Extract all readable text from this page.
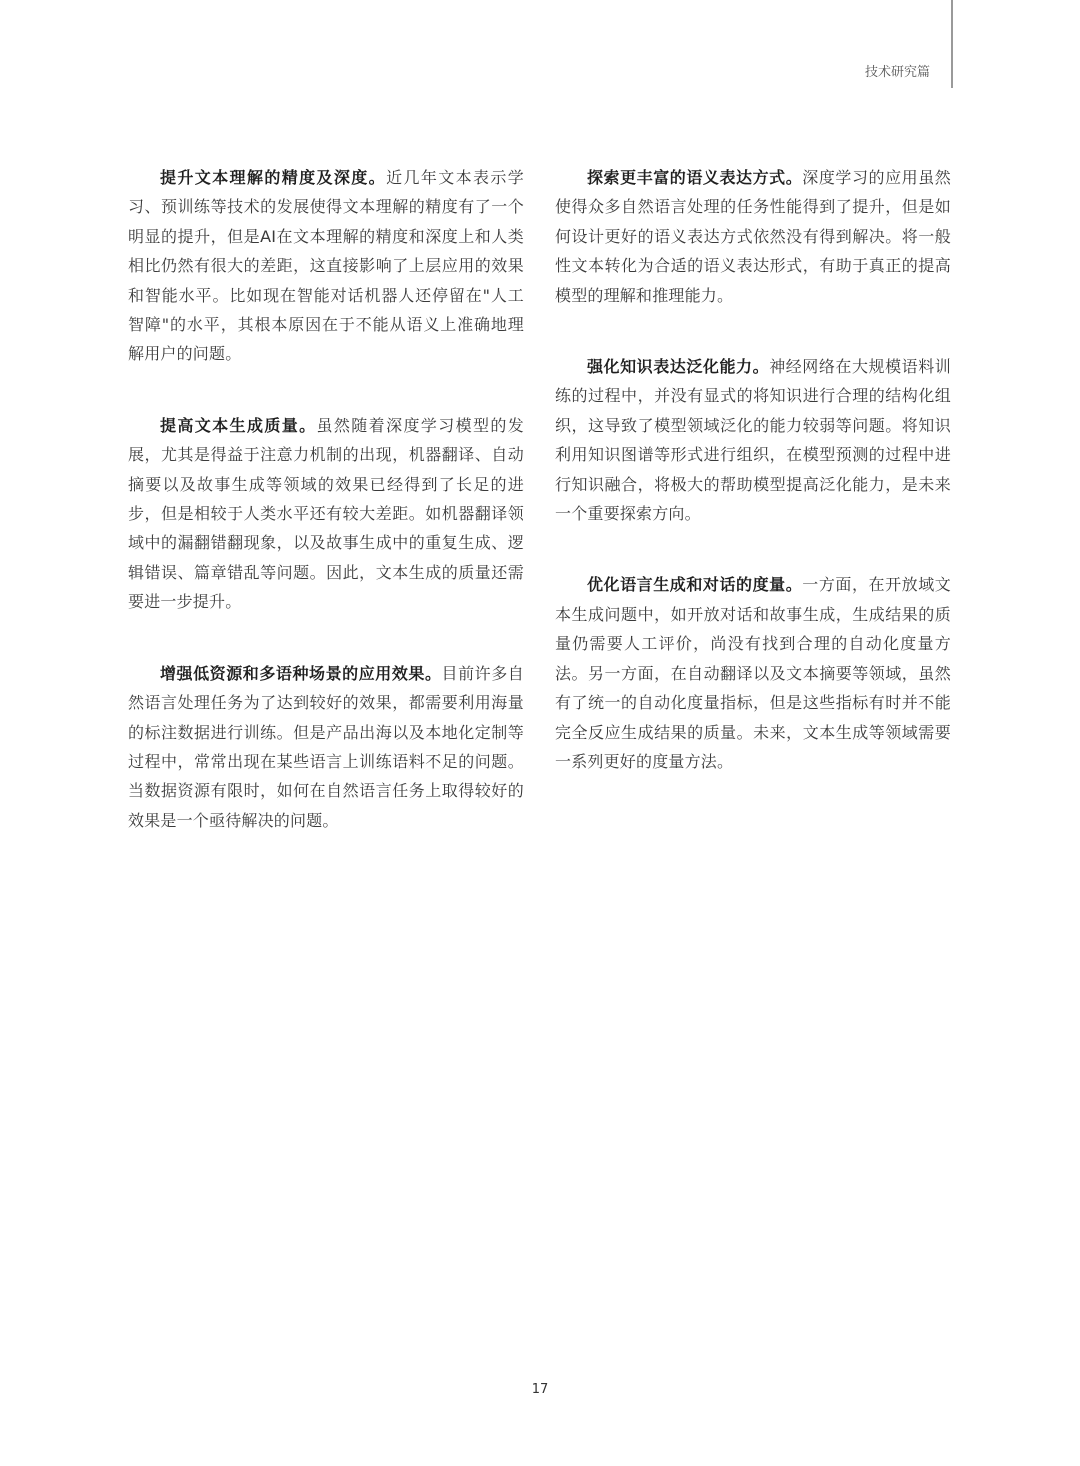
技术研究篇

提升文本理解的精度及深度。近几年文本表示学习、预训练等技术的发展使得文本理解的精度有了一个明显的提升，但是AI在文本理解的精度和深度上和人类相比仍然有很大的差距，这直接影响了上层应用的效果和智能水平。比如现在智能对话机器人还停留在"人工智障"的水平，其根本原因在于不能从语义上准确地理解用户的问题。

提高文本生成质量。虽然随着深度学习模型的发展，尤其是得益于注意力机制的出现，机器翻译、自动摘要以及故事生成等领域的效果已经得到了长足的进步，但是相较于人类水平还有较大差距。如机器翻译领域中的漏翻错翻现象，以及故事生成中的重复生成、逻辑错误、篇章错乱等问题。因此，文本生成的质量还需要进一步提升。

增强低资源和多语种场景的应用效果。目前许多自然语言处理任务为了达到较好的效果，都需要利用海量的标注数据进行训练。但是产品出海以及本地化定制等过程中，常常出现在某些语言上训练语料不足的问题。当数据资源有限时，如何在自然语言任务上取得较好的效果是一个亟待解决的问题。

探索更丰富的语义表达方式。深度学习的应用虽然使得众多自然语言处理的任务性能得到了提升，但是如何设计更好的语义表达方式依然没有得到解决。将一般性文本转化为合适的语义表达形式，有助于真正的提高模型的理解和推理能力。

强化知识表达泛化能力。神经网络在大规模语料训练的过程中，并没有显式的将知识进行合理的结构化组织，这导致了模型领域泛化的能力较弱等问题。将知识利用知识图谱等形式进行组织，在模型预测的过程中进行知识融合，将极大的帮助模型提高泛化能力，是未来一个重要探索方向。

优化语言生成和对话的度量。一方面，在开放域文本生成问题中，如开放对话和故事生成，生成结果的质量仍需要人工评价，尚没有找到合理的自动化度量方法。另一方面，在自动翻译以及文本摘要等领域，虽然有了统一的自动化度量指标，但是这些指标有时并不能完全反应生成结果的质量。未来，文本生成等领域需要一系列更好的度量方法。

17
